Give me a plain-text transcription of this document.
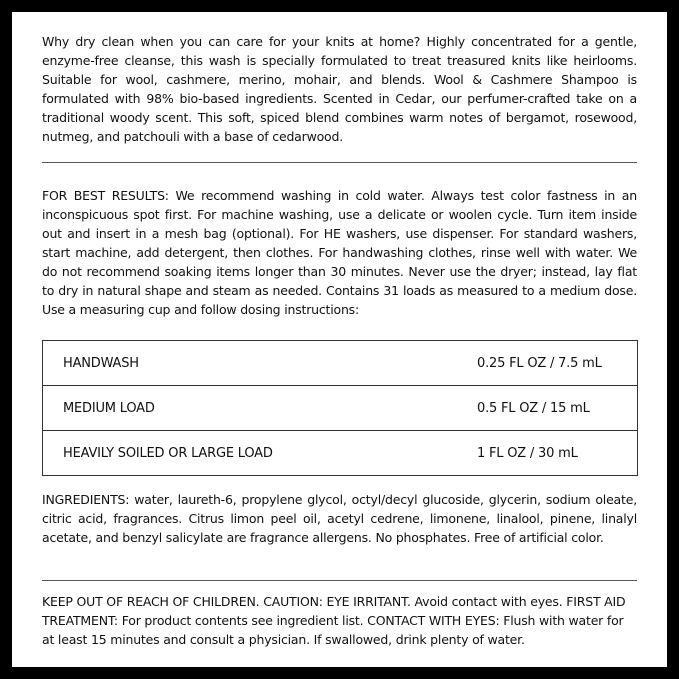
Why dry clean when you can care for your knits at home? Highly concentrated for a gentle, enzyme-free cleanse, this wash is specially formulated to treat treasured knits like heirlooms. Suitable for wool, cashmere, merino, mohair, and blends. Wool & Cashmere Shampoo is formulated with 98% bio-based ingredients. Scented in Cedar, our perfumer-crafted take on a traditional woody scent. This soft, spiced blend combines warm notes of bergamot, rosewood, nutmeg, and patchouli with a base of cedarwood.

FOR BEST RESULTS: We recommend washing in cold water. Always test color fastness in an inconspicuous spot first. For machine washing, use a delicate or woolen cycle. Turn item inside out and insert in a mesh bag (optional). For HE washers, use dispenser. For standard washers, start machine, add detergent, then clothes. For handwashing clothes, rinse well with water. We do not recommend soaking items longer than 30 minutes. Never use the dryer; instead, lay flat to dry in natural shape and steam as needed. Contains 31 loads as measured to a medium dose. Use a measuring cup and follow dosing instructions:

HANDWASH	0.25 FL OZ / 7.5 mL
MEDIUM LOAD	0.5 FL OZ / 15 mL
HEAVILY SOILED OR LARGE LOAD	1 FL OZ / 30 mL

INGREDIENTS: water, laureth-6, propylene glycol, octyl/decyl glucoside, glycerin, sodium oleate, citric acid, fragrances. Citrus limon peel oil, acetyl cedrene, limonene, linalool, pinene, linalyl acetate, and benzyl salicylate are fragrance allergens. No phosphates. Free of artificial color.

KEEP OUT OF REACH OF CHILDREN. CAUTION: EYE IRRITANT. Avoid contact with eyes. FIRST AID TREATMENT: For product contents see ingredient list. CONTACT WITH EYES: Flush with water for at least 15 minutes and consult a physician. If swallowed, drink plenty of water.
